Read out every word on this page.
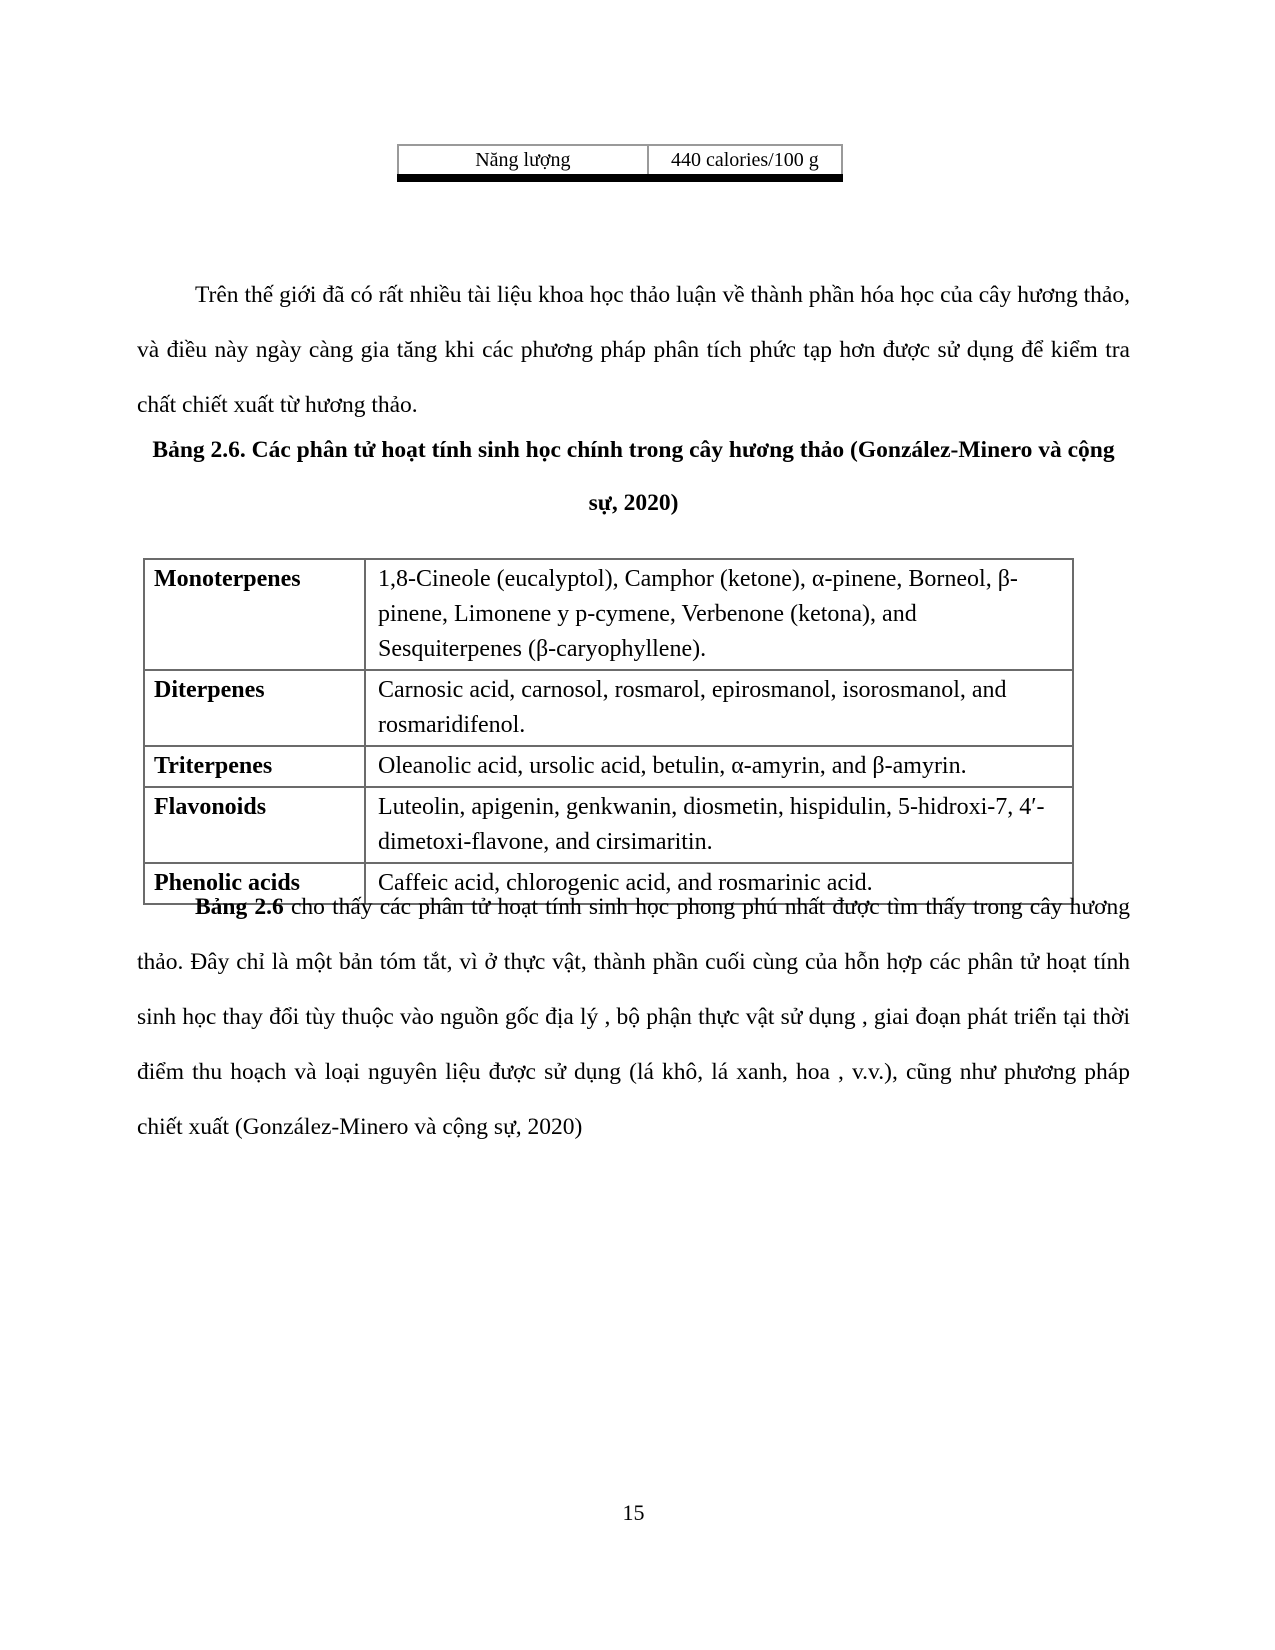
Năng lượng	440 calories/100 g

Trên thế giới đã có rất nhiều tài liệu khoa học thảo luận về thành phần hóa học của cây hương thảo, và điều này ngày càng gia tăng khi các phương pháp phân tích phức tạp hơn được sử dụng để kiểm tra chất chiết xuất từ hương thảo.

Bảng 2.6. Các phân tử hoạt tính sinh học chính trong cây hương thảo (González-Minero và cộng sự, 2020)

Monoterpenes	1,8-Cineole (eucalyptol), Camphor (ketone), α-pinene, Borneol, β-pinene, Limonene y p-cymene, Verbenone (ketona), and Sesquiterpenes (β-caryophyllene).
Diterpenes	Carnosic acid, carnosol, rosmarol, epirosmanol, isorosmanol, and rosmaridifenol.
Triterpenes	Oleanolic acid, ursolic acid, betulin, α-amyrin, and β-amyrin.
Flavonoids	Luteolin, apigenin, genkwanin, diosmetin, hispidulin, 5-hidroxi-7, 4′-dimetoxi-flavone, and cirsimaritin.
Phenolic acids	Caffeic acid, chlorogenic acid, and rosmarinic acid.

Bảng 2.6 cho thấy các phân tử hoạt tính sinh học phong phú nhất được tìm thấy trong cây hương thảo. Đây chỉ là một bản tóm tắt, vì ở thực vật, thành phần cuối cùng của hỗn hợp các phân tử hoạt tính sinh học thay đổi tùy thuộc vào nguồn gốc địa lý , bộ phận thực vật sử dụng , giai đoạn phát triển tại thời điểm thu hoạch và loại nguyên liệu được sử dụng (lá khô, lá xanh, hoa , v.v.), cũng như phương pháp chiết xuất (González-Minero và cộng sự, 2020)

15
